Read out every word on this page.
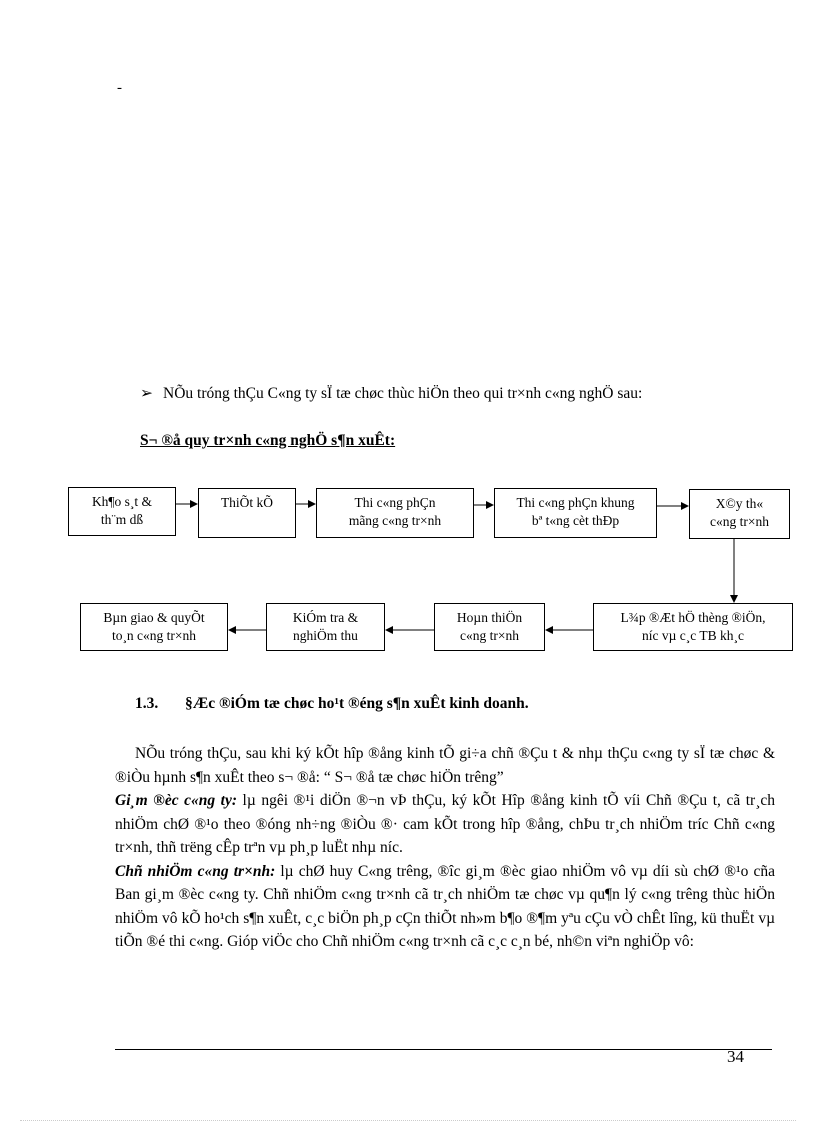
-
➢ NÕu tróng thÇu C«ng ty sÏ tæ chøc thùc hiÖn theo qui tr×nh c«ng nghÖ sau:
S¬ ®å quy tr×nh c«ng nghÖ s¶n xuÊt:
Kh¶o s¸t &
th¨m dß
ThiÕt kÕ	Thi c«ng phÇn
mãng c«ng tr×nh
Thi c«ng phÇn khung
bª t«ng cèt thÐp
X©y th«
c«ng tr×nh
Bµn giao & quyÕt
to¸n c«ng tr×nh
KiÓm tra &
nghiÖm thu
Hoµn thiÖn
c«ng tr×nh
L¾p ®Æt hÖ thèng ®iÖn,
níc vµ c¸c TB kh¸c
1.3. §Æc ®iÓm tæ chøc ho¹t ®éng s¶n xuÊt kinh doanh.

NÕu tróng thÇu, sau khi ký kÕt hîp ®ång kinh tÕ gi÷a chñ ®Çu t & nhµ thÇu c«ng ty sÏ tæ chøc & ®iÒu hµnh s¶n xuÊt theo s¬ ®å: “ S¬ ®å tæ chøc hiÖn trêng”

Gi¸m ®èc c«ng ty: lµ ngêi ®¹i diÖn ®¬n vÞ thÇu, ký kÕt Hîp ®ång kinh tÕ víi Chñ ®Çu t, cã tr¸ch nhiÖm chØ ®¹o theo ®óng nh÷ng ®iÒu ®· cam kÕt trong hîp ®ång, chÞu tr¸ch nhiÖm tríc Chñ c«ng tr×nh, thñ trëng cÊp trªn vµ ph¸p luËt nhµ níc.

Chñ nhiÖm c«ng tr×nh: lµ chØ huy C«ng trêng, ®îc gi¸m ®èc giao nhiÖm vô vµ díi sù chØ ®¹o cña Ban gi¸m ®èc c«ng ty. Chñ nhiÖm c«ng tr×nh cã tr¸ch nhiÖm tæ chøc vµ qu¶n lý c«ng trêng thùc hiÖn nhiÖm vô kÕ ho¹ch s¶n xuÊt, c¸c biÖn ph¸p cÇn thiÕt nh»m b¶o ®¶m yªu cÇu vÒ chÊt lîng, kü thuËt vµ tiÕn ®é thi c«ng. Gióp viÖc cho Chñ nhiÖm c«ng tr×nh cã c¸c c¸n bé, nh©n viªn nghiÖp vô:

34
